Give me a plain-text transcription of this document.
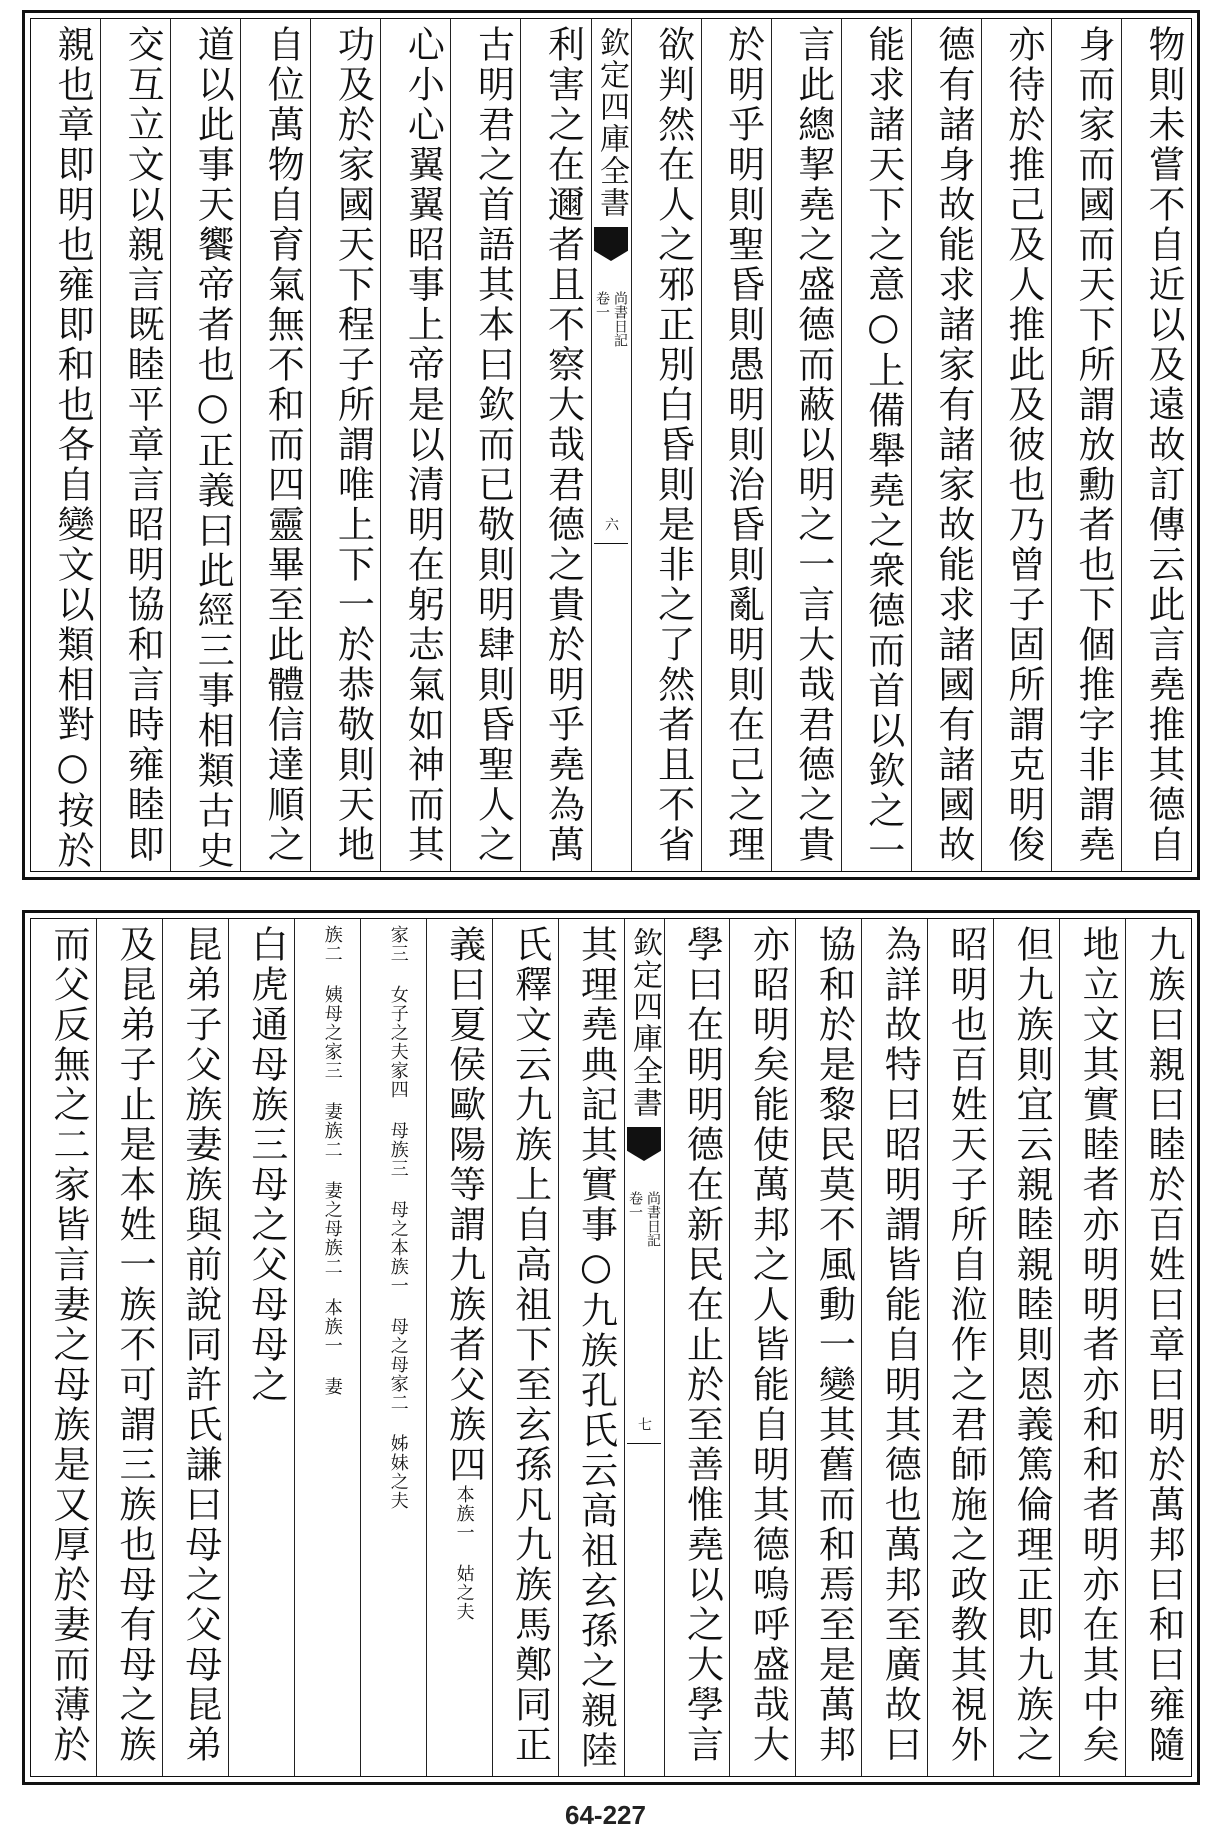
物則未嘗不自近以及遠故訂傳云此言堯推其德自
身而家而國而天下所謂放勳者也下個推字非謂堯
亦待於推己及人推此及彼也乃曾子固所謂克明俊
德有諸身故能求諸家有諸家故能求諸國有諸國故
能求諸天下之意○上備舉堯之衆德而首以欽之一
言此總挈堯之盛德而蔽以明之一言大哉君德之貴
於明乎明則聖昏則愚明則治昏則亂明則在己之理
欲判然在人之邪正別白昏則是非之了然者且不省
欽定四庫全書
尚書日記
卷一
六
利害之在邇者且不察大哉君德之貴於明乎堯為萬
古明君之首語其本曰欽而已敬則明肆則昏聖人之
心小心翼翼昭事上帝是以清明在躬志氣如神而其
功及於家國天下程子所謂唯上下一於恭敬則天地
自位萬物自育氣無不和而四靈畢至此體信達順之
道以此事天饗帝者也○正義曰此經三事相類古史
交互立文以親言既睦平章言昭明協和言時雍睦即
親也章即明也雍即和也各自變文以類相對○按於
九族曰親曰睦於百姓曰章曰明於萬邦曰和曰雍隨
地立文其實睦者亦明明者亦和和者明亦在其中矣
但九族則宜云親睦親睦則恩義篤倫理正即九族之
昭明也百姓天子所自涖作之君師施之政教其視外
為詳故特曰昭明謂皆能自明其德也萬邦至廣故曰
協和於是黎民莫不風動一變其舊而和焉至是萬邦
亦昭明矣能使萬邦之人皆能自明其德嗚呼盛哉大
學曰在明明德在新民在止於至善惟堯以之大學言
欽定四庫全書
尚書日記
卷一
七
其理堯典記其實事○九族孔氏云高祖玄孫之親陸
氏釋文云九族上自高祖下至玄孫凡九族馬鄭同正
義曰夏侯歐陽等謂九族者父族四本族一 姑之夫
家三 女子之夫家四 母族三 母之本族一 母之母家二 姊妹之夫
族二 姨母之家三 妻族二 妻之母族二 本族一 妻
白虎通母族三母之父母母之
昆弟子父族妻族與前說同許氏謙曰母之父母昆弟
及昆弟子止是本姓一族不可謂三族也母有母之族
而父反無之二家皆言妻之母族是又厚於妻而薄於
64-227
